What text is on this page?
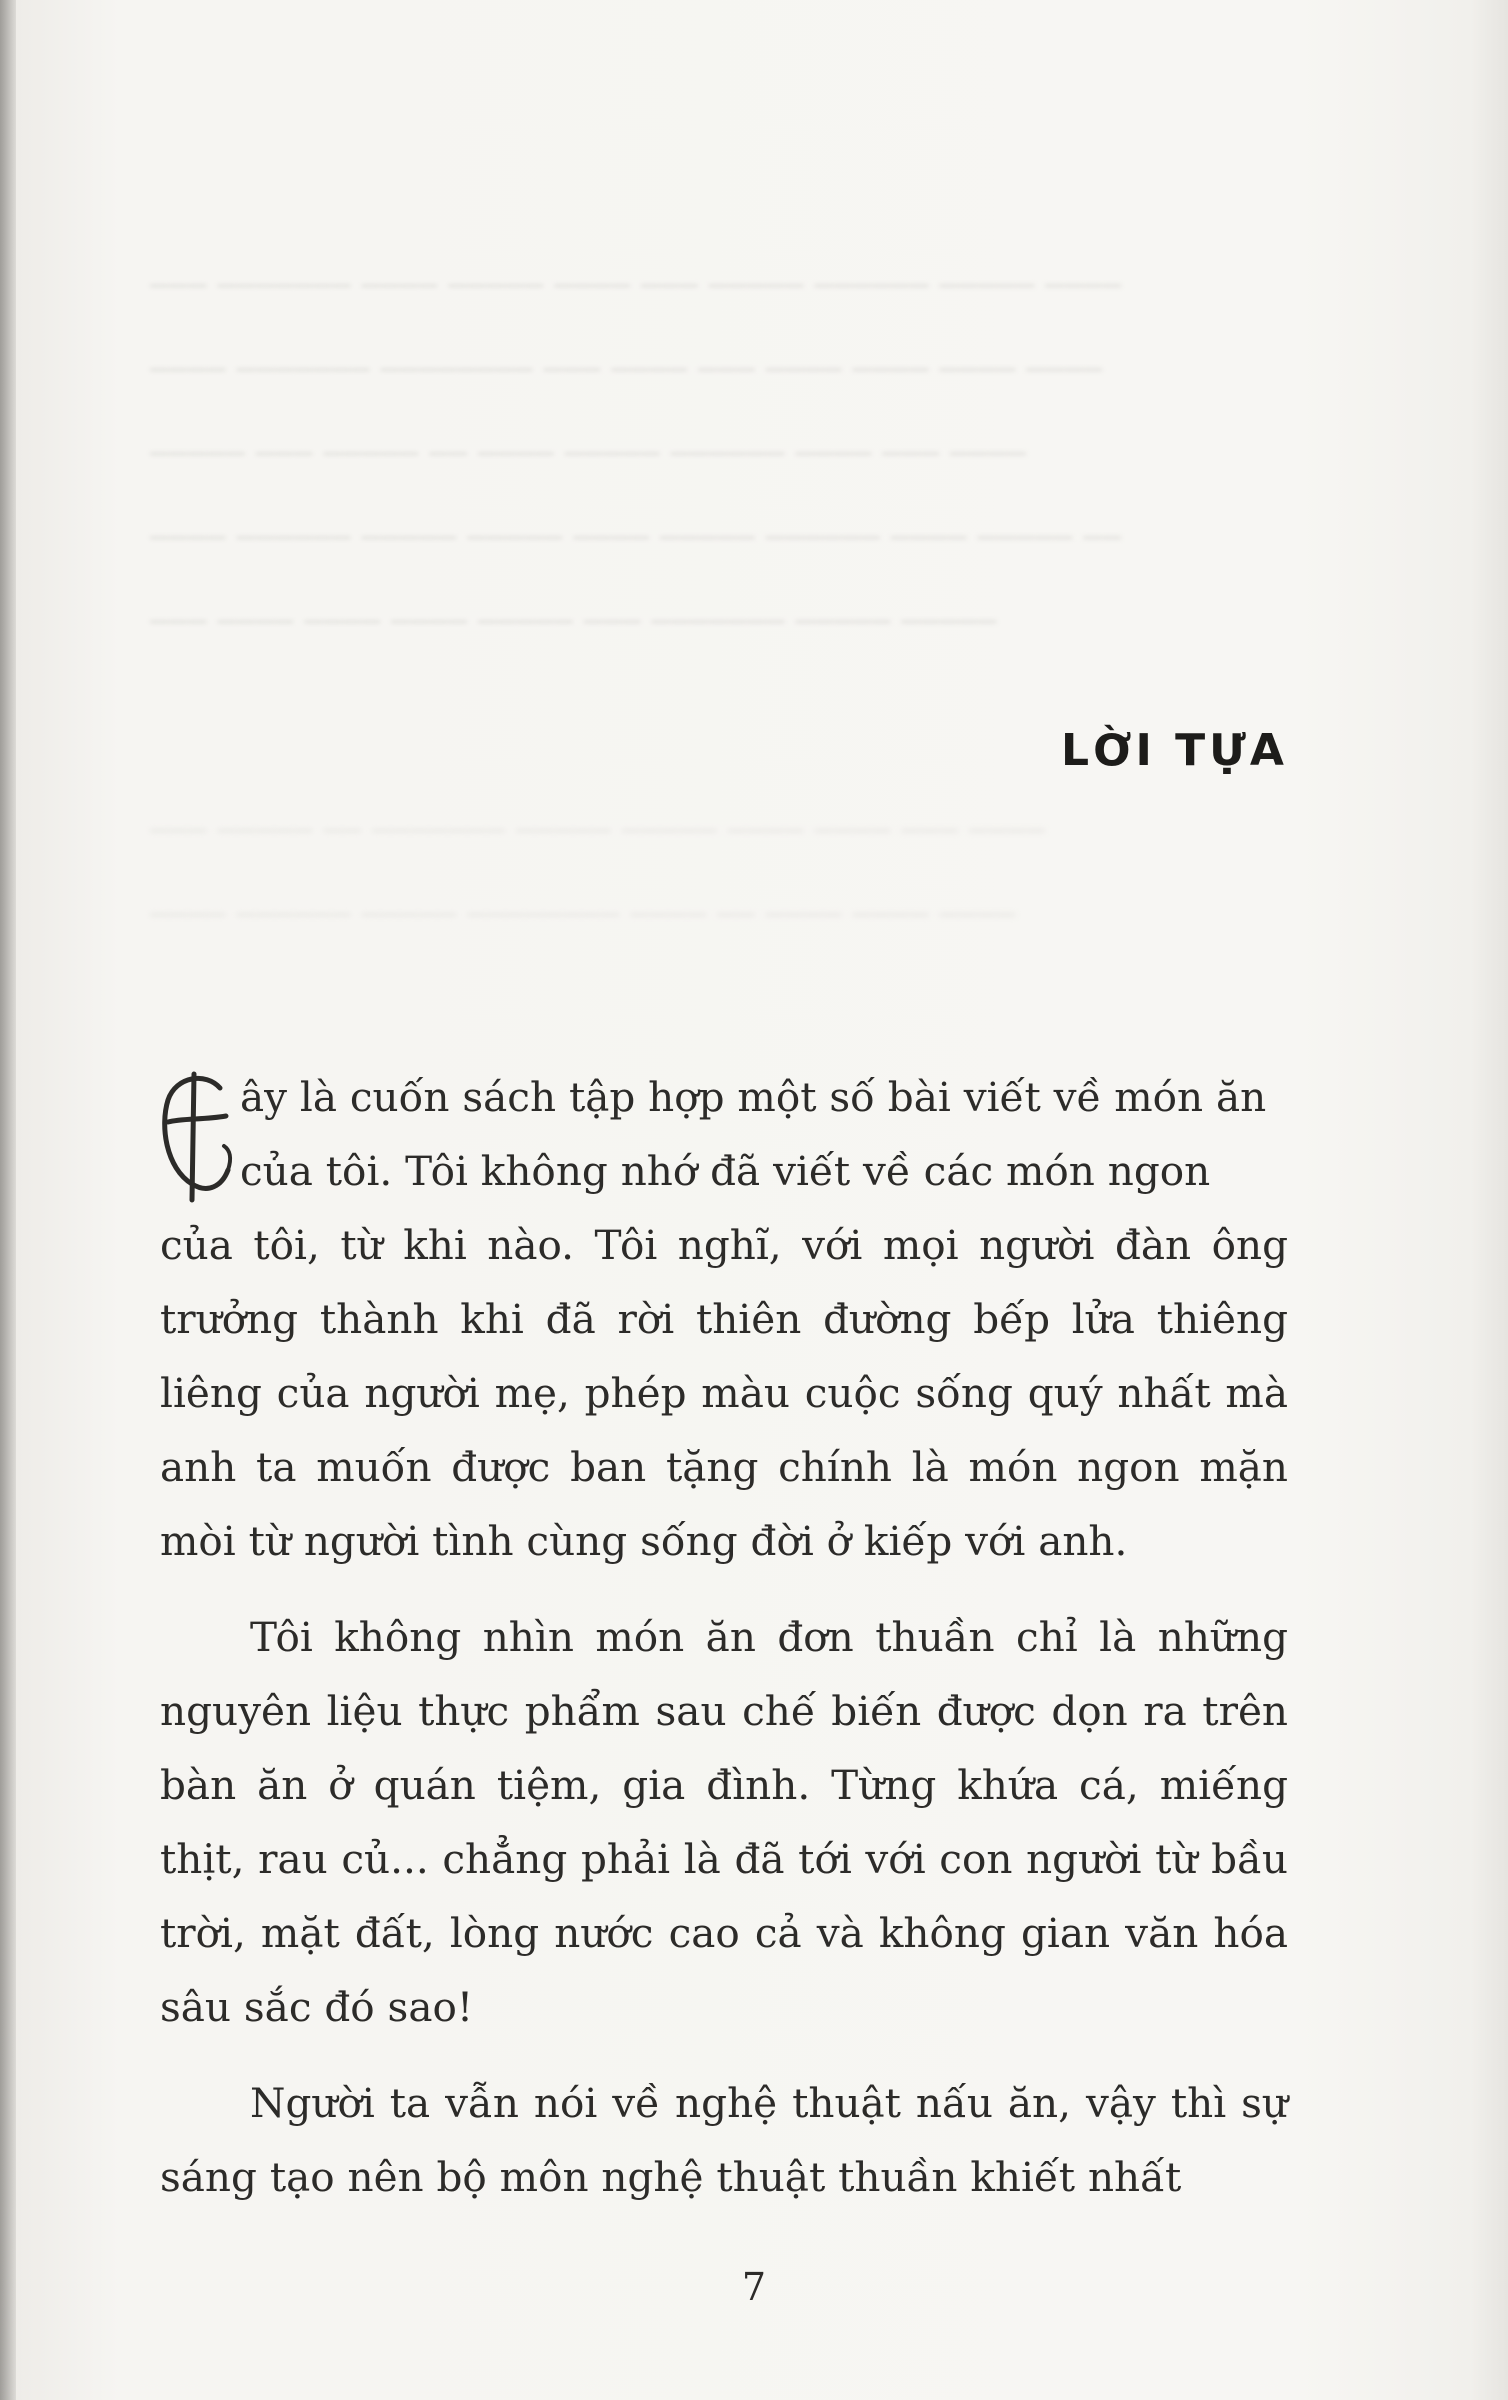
─── ─────── ──── ───── ──── ─── ───── ────── ───── ────
──── ─────── ──────── ─── ──── ─── ──── ──── ──── ────
───── ─── ───── ── ──── ───── ────── ──── ─── ────
──── ────── ───── ───── ──── ───── ────── ──── ───── ──
─── ──── ──── ──── ───── ─── ─────── ───── ─────
─── ───── ── ─────── ───── ───── ──── ──── ─── ────
──── ────── ───── ──────── ──── ── ──── ──── ────
LỜI TỰA

ây là cuốn sách tập hợp một số bài viết về món ăn
của tôi. Tôi không nhớ đã viết về các món ngon
của tôi, từ khi nào. Tôi nghĩ, với mọi người đàn ông trưởng thành khi đã rời thiên đường bếp lửa thiêng liêng của người mẹ, phép màu cuộc sống quý nhất mà anh ta muốn được ban tặng chính là món ngon mặn mòi từ người tình cùng sống đời ở kiếp với anh.

Tôi không nhìn món ăn đơn thuần chỉ là những nguyên liệu thực phẩm sau chế biến được dọn ra trên bàn ăn ở quán tiệm, gia đình. Từng khứa cá, miếng thịt, rau củ... chẳng phải là đã tới với con người từ bầu trời, mặt đất, lòng nước cao cả và không gian văn hóa sâu sắc đó sao!

Người ta vẫn nói về nghệ thuật nấu ăn, vậy thì sự sáng tạo nên bộ môn nghệ thuật thuần khiết nhất

7
